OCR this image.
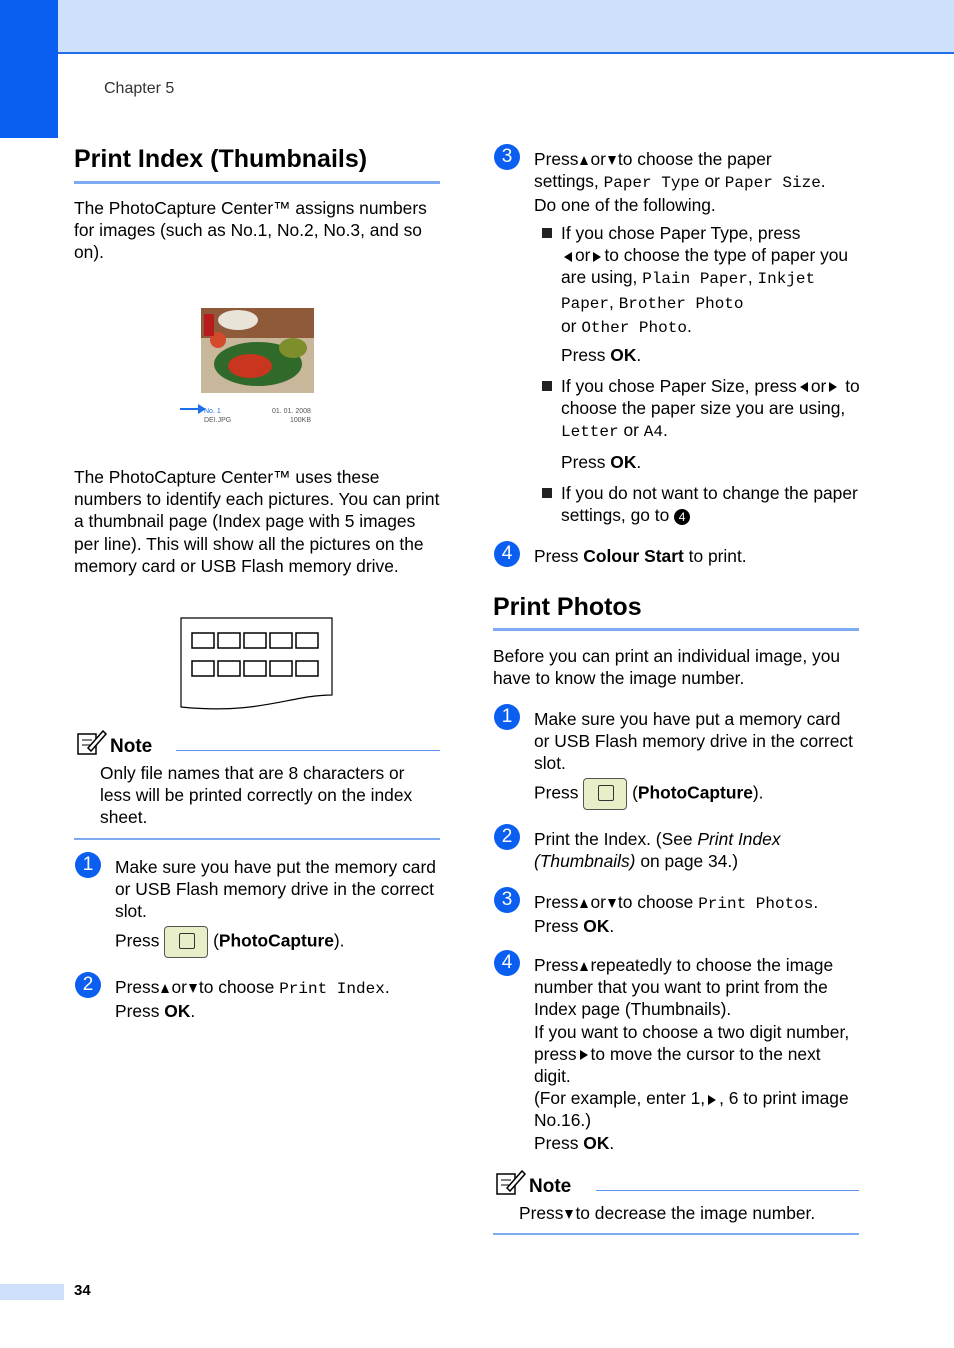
Chapter 5
Print Index (Thumbnails)
The PhotoCapture Center™ assigns numbers for images (such as No.1, No.2, No.3, and so on).
No. 1
DEI.JPG
01. 01. 2008
100KB
The PhotoCapture Center™ uses these numbers to identify each pictures. You can print a thumbnail page (Index page with 5 images per line). This will show all the pictures on the memory card or USB Flash memory drive.
Note
Only file names that are 8 characters or less will be printed correctly on the index sheet.
1	Make sure you have put the memory card or USB Flash memory drive in the correct slot.
Press	(PhotoCapture).
2	Press or to choose Print Index.
Press OK.
3	Press or to choose the paper
settings, Paper Type or Paper Size.
Do one of the following.
If you chose Paper Type, press
or to choose the type of paper you are using, Plain Paper, Inkjet Paper, Brother Photo
or Other Photo.
Press OK.
If you chose Paper Size, press or to choose the paper size you are using, Letter or A4.
Press OK.
If you do not want to change the paper settings, go to 4
4	Press Colour Start to print.
Print Photos
Before you can print an individual image, you have to know the image number.
1	Make sure you have put a memory card or USB Flash memory drive in the correct slot.
Press	(PhotoCapture).
2	Print the Index. (See Print Index (Thumbnails) on page 34.)
3	Press or to choose Print Photos.
Press OK.
4	Press repeatedly to choose the image number that you want to print from the Index page (Thumbnails).
If you want to choose a two digit number, press to move the cursor to the next digit.
(For example, enter 1, , 6 to print image No.16.)
Press OK.
Note
Press to decrease the image number.
34
